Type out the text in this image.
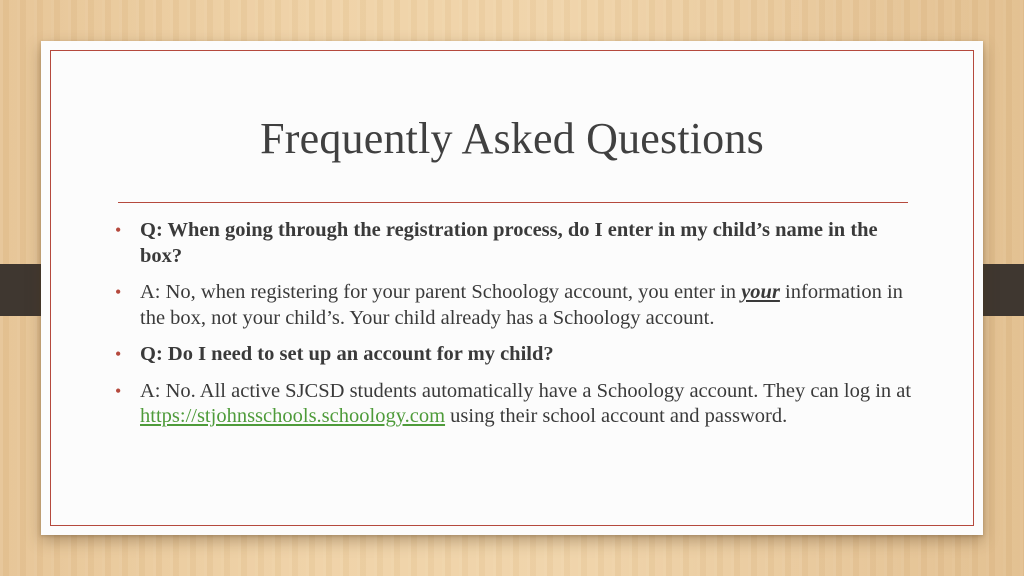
Frequently Asked Questions
• Q: When going through the registration process, do I enter in my child’s name in the box?
• A: No, when registering for your parent Schoology account, you enter in your information in the box, not your child’s. Your child already has a Schoology account.
• Q: Do I need to set up an account for my child?
• A: No. All active SJCSD students automatically have a Schoology account. They can log in at https://stjohnsschools.schoology.com using their school account and password.
